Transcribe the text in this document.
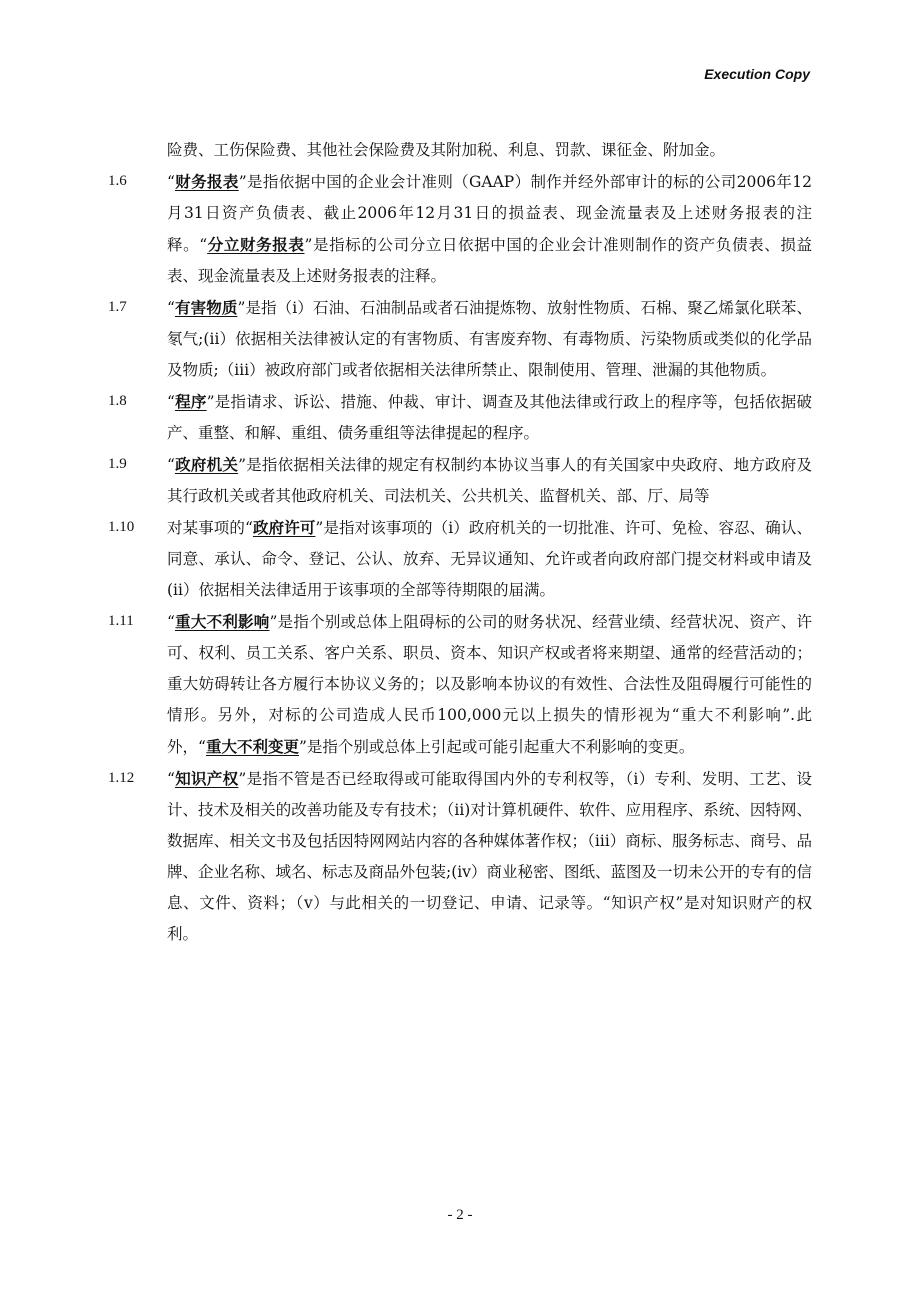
Execution Copy
险费、工伤保险费、其他社会保险费及其附加税、利息、罚款、课征金、附加金。
1.6	“财务报表”是指依据中国的企业会计准则（GAAP）制作并经外部审计的标的公司2006年12月31日资产负债表、截止2006年12月31日的损益表、现金流量表及上述财务报表的注释。“分立财务报表”是指标的公司分立日依据中国的企业会计准则制作的资产负债表、损益表、现金流量表及上述财务报表的注释。
1.7	“有害物质”是指（ⅰ）石油、石油制品或者石油提炼物、放射性物质、石棉、聚乙烯氯化联苯、氡气;(ⅱ）依据相关法律被认定的有害物质、有害废弃物、有毒物质、污染物质或类似的化学品及物质;（ⅲ）被政府部门或者依据相关法律所禁止、限制使用、管理、泄漏的其他物质。
1.8	“程序”是指请求、诉讼、措施、仲裁、审计、调查及其他法律或行政上的程序等，包括依据破产、重整、和解、重组、债务重组等法律提起的程序。
1.9	“政府机关”是指依据相关法律的规定有权制约本协议当事人的有关国家中央政府、地方政府及其行政机关或者其他政府机关、司法机关、公共机关、监督机关、部、厅、局等
1.10 对某事项的“政府许可”是指对该事项的（ⅰ）政府机关的一切批准、许可、免检、容忍、确认、同意、承认、命令、登记、公认、放弃、无异议通知、允许或者向政府部门提交材料或申请及(ⅱ）依据相关法律适用于该事项的全部等待期限的届满。
1.11 “重大不利影响”是指个别或总体上阻碍标的公司的财务状况、经营业绩、经营状况、资产、许可、权利、员工关系、客户关系、职员、资本、知识产权或者将来期望、通常的经营活动的；重大妨碍转让各方履行本协议义务的；以及影响本协议的有效性、合法性及阻碍履行可能性的情形。另外，对标的公司造成人民币100,000元以上损失的情形视为“重大不利影响”.此外，“重大不利变更”是指个别或总体上引起或可能引起重大不利影响的变更。
1.12 “知识产权”是指不管是否已经取得或可能取得国内外的专利权等，（ⅰ）专利、发明、工艺、设计、技术及相关的改善功能及专有技术；（ⅱ)对计算机硬件、软件、应用程序、系统、因特网、数据库、相关文书及包括因特网网站内容的各种媒体著作权；（ⅲ）商标、服务标志、商号、品牌、企业名称、域名、标志及商品外包装;(ⅳ）商业秘密、图纸、蓝图及一切未公开的专有的信息、文件、资料；（ⅴ）与此相关的一切登记、申请、记录等。“知识产权”是对知识财产的权利。
- 2 -
